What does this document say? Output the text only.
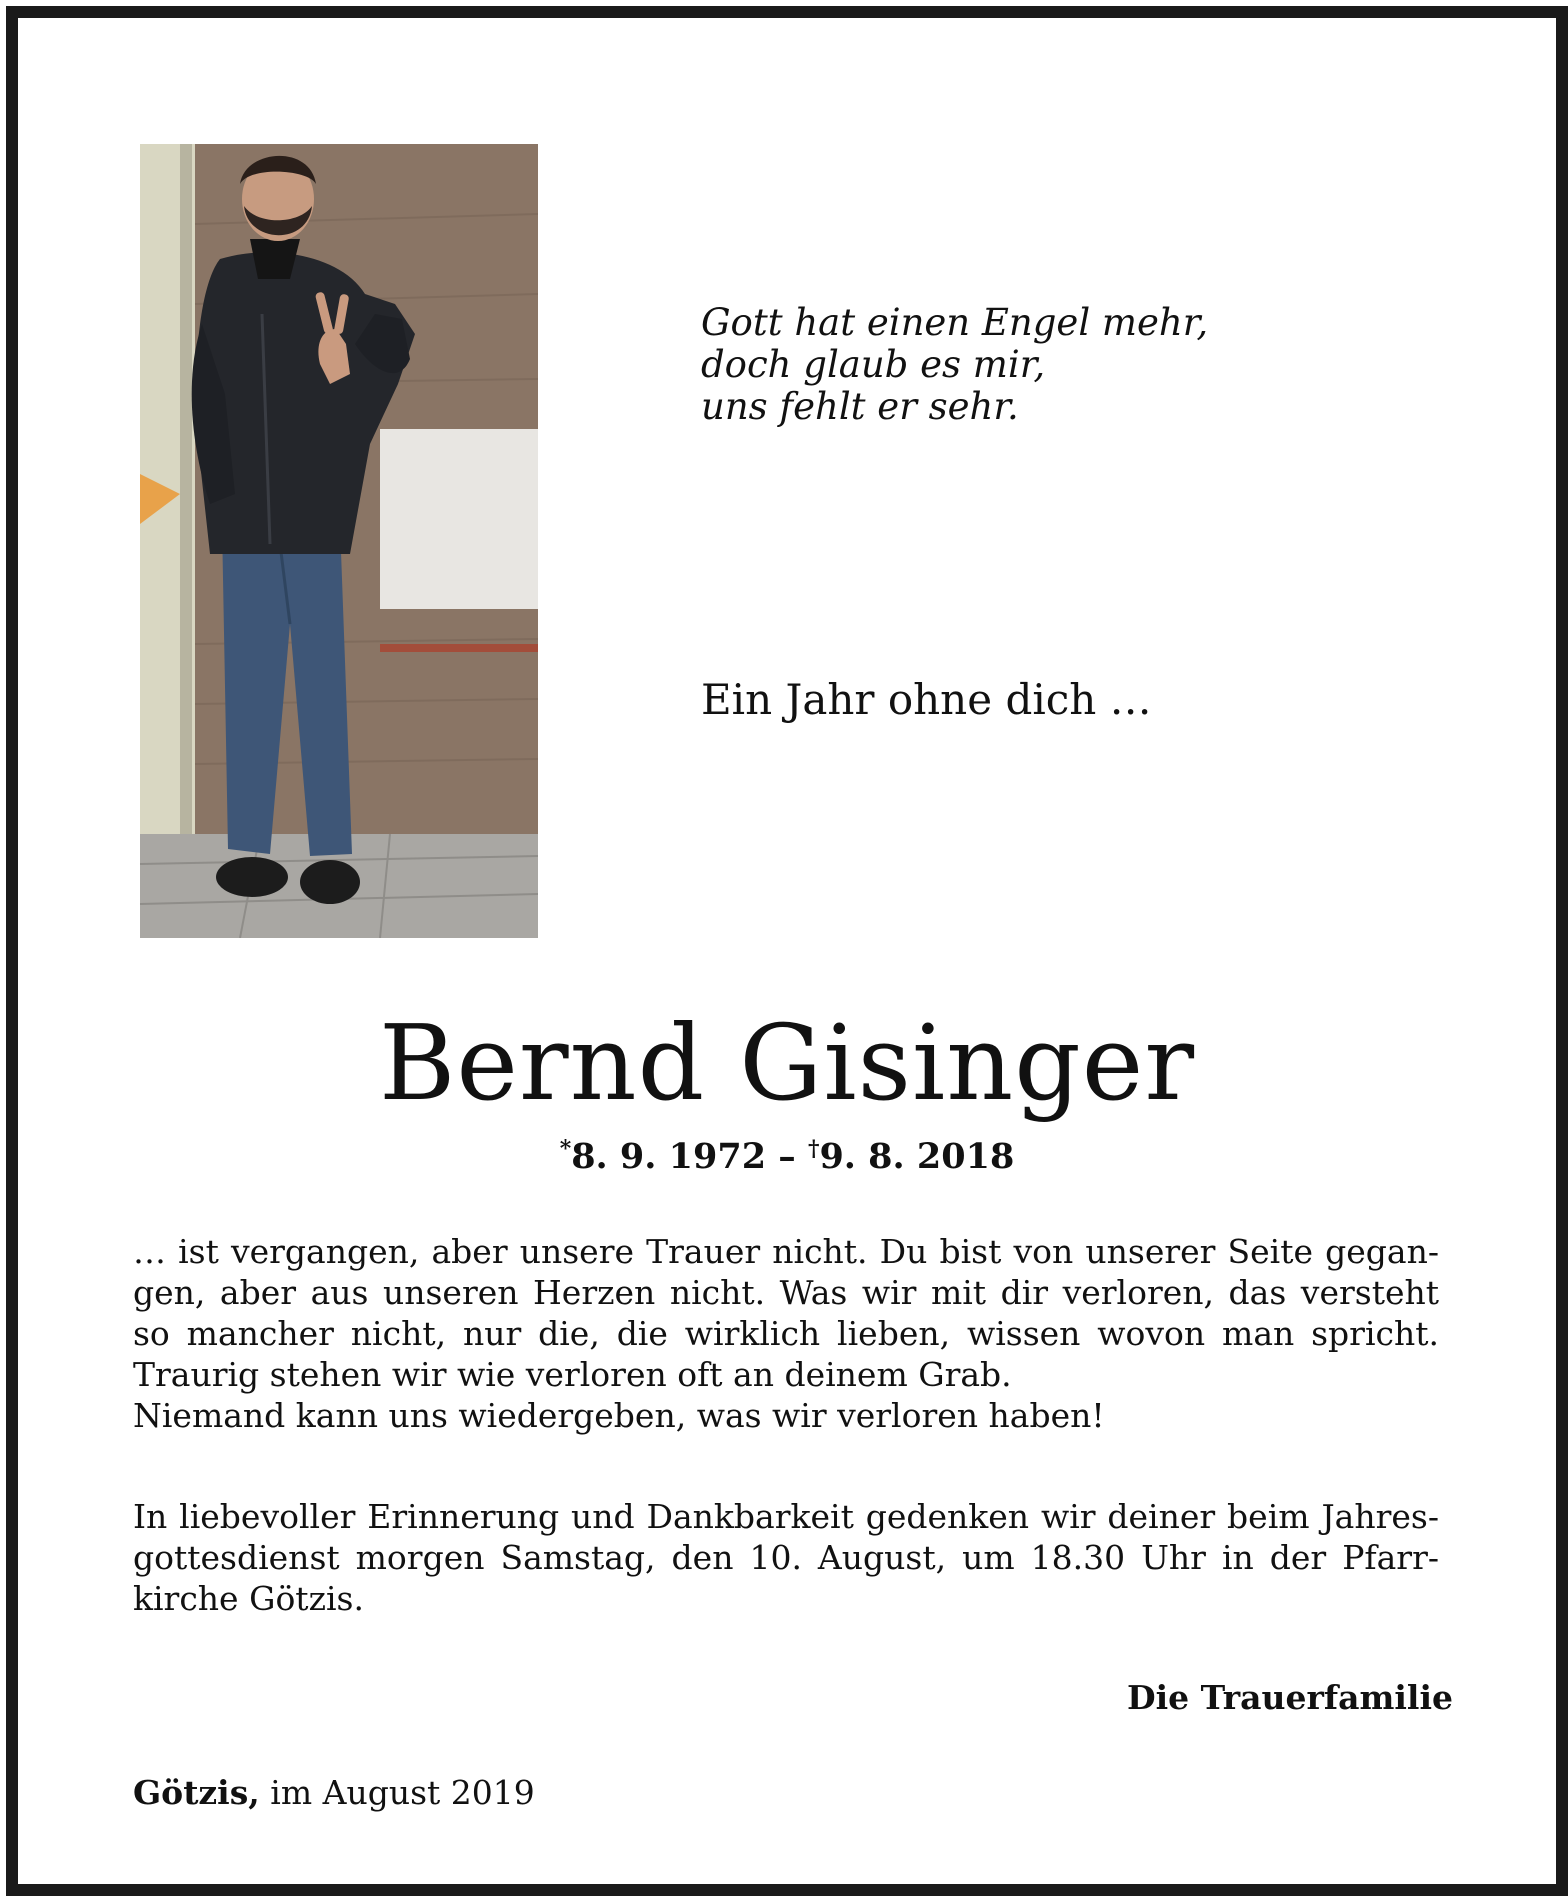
Gott hat einen Engel mehr,
doch glaub es mir,
uns fehlt er sehr.
Ein Jahr ohne dich …
Bernd Gisinger
*8. 9. 1972 – †9. 8. 2018
… ist vergangen, aber unsere Trauer nicht. Du bist von unserer Seite gegan-
gen, aber aus unseren Herzen nicht. Was wir mit dir verloren, das versteht
so mancher nicht, nur die, die wirklich lieben, wissen wovon man spricht.
Traurig stehen wir wie verloren oft an deinem Grab.
Niemand kann uns wiedergeben, was wir verloren haben!
In liebevoller Erinnerung und Dankbarkeit gedenken wir deiner beim Jahres-
gottesdienst morgen Samstag, den 10. August, um 18.30 Uhr in der Pfarr-
kirche Götzis.
Die Trauerfamilie
Götzis, im August 2019
